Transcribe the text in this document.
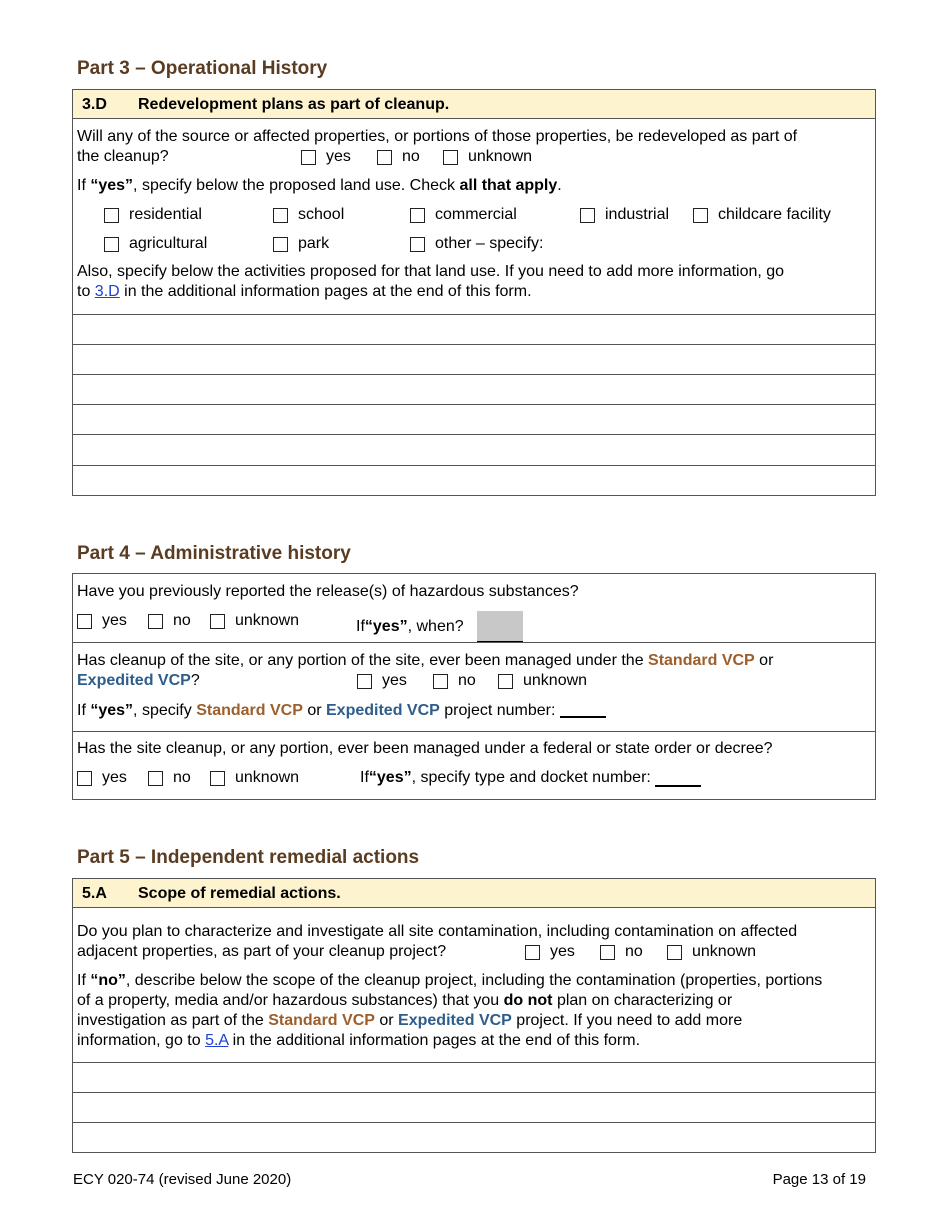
Part 3 – Operational History
3.D Redevelopment plans as part of cleanup.
Will any of the source or affected properties, or portions of those properties, be redeveloped as part of
the cleanup?	yes	no	unknown
If “yes”, specify below the proposed land use. Check all that apply.
residential	school	commercial	industrial	childcare facility
agricultural	park	other – specify:
Also, specify below the activities proposed for that land use. If you need to add more information, go
to 3.D in the additional information pages at the end of this form.
Part 4 – Administrative history
Have you previously reported the release(s) of hazardous substances?
yes	no	unknown	If “yes” , when?

Has cleanup of the site, or any portion of the site, ever been managed under the Standard VCP or
Expedited VCP?	yes	no	unknown
If “yes”, specify Standard VCP or Expedited VCP project number:
Has the site cleanup, or any portion, ever been managed under a federal or state order or decree?
yes	no	unknown	If “yes” , specify type and docket number:

Part 5 – Independent remedial actions
5.A Scope of remedial actions.
Do you plan to characterize and investigate all site contamination, including contamination on affected
adjacent properties, as part of your cleanup project?	yes	no	unknown
If “no”, describe below the scope of the cleanup project, including the contamination (properties, portions
of a property, media and/or hazardous substances) that you do not plan on characterizing or
investigation as part of the Standard VCP or Expedited VCP project. If you need to add more
information, go to 5.A in the additional information pages at the end of this form.
ECY 020-74 (revised June 2020)	Page 13 of 19
